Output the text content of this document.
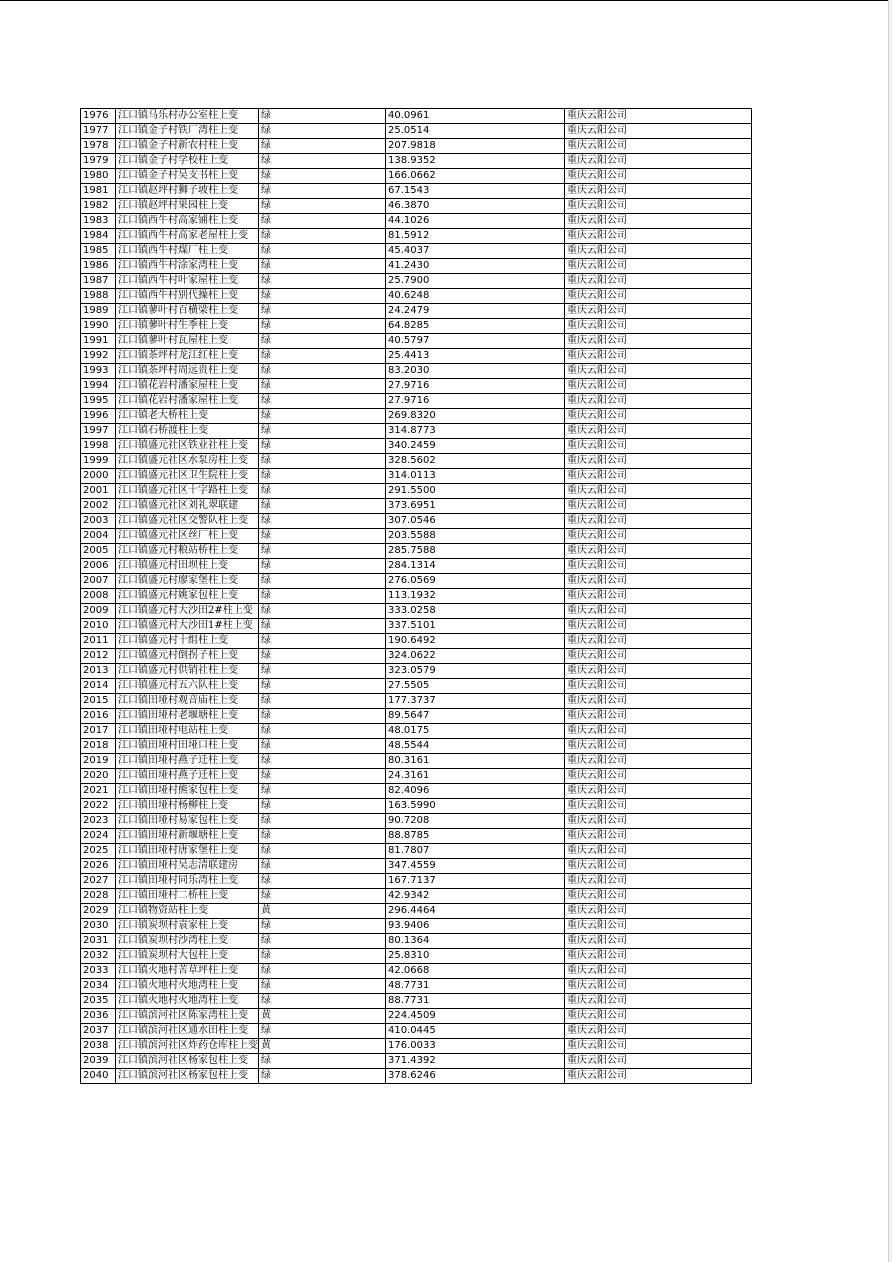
1976	江口镇马乐村办公室柱上变	绿	40.0961	重庆云阳公司
1977	江口镇金子村铁厂湾柱上变	绿	25.0514	重庆云阳公司
1978	江口镇金子村新农村柱上变	绿	207.9818	重庆云阳公司
1979	江口镇金子村学校柱上变	绿	138.9352	重庆云阳公司
1980	江口镇金子村吴支书柱上变	绿	166.0662	重庆云阳公司
1981	江口镇赵坪村狮子坡柱上变	绿	67.1543	重庆云阳公司
1982	江口镇赵坪村果园柱上变	绿	46.3870	重庆云阳公司
1983	江口镇西牛村高家铺柱上变	绿	44.1026	重庆云阳公司
1984	江口镇西牛村高家老屋柱上变	绿	81.5912	重庆云阳公司
1985	江口镇西牛村煤厂柱上变	绿	45.4037	重庆云阳公司
1986	江口镇西牛村涂家湾柱上变	绿	41.2430	重庆云阳公司
1987	江口镇西牛村叶家屋柱上变	绿	25.7900	重庆云阳公司
1988	江口镇西牛村别代操柱上变	绿	40.6248	重庆云阳公司
1989	江口镇蓼叶村百横梁柱上变	绿	24.2479	重庆云阳公司
1990	江口镇蓼叶村生季柱上变	绿	64.8285	重庆云阳公司
1991	江口镇蓼叶村瓦屋柱上变	绿	40.5797	重庆云阳公司
1992	江口镇茶坪村龙江红柱上变	绿	25.4413	重庆云阳公司
1993	江口镇茶坪村周远贵柱上变	绿	83.2030	重庆云阳公司
1994	江口镇花岩村潘家屋柱上变	绿	27.9716	重庆云阳公司
1995	江口镇花岩村潘家屋柱上变	绿	27.9716	重庆云阳公司
1996	江口镇老大桥柱上变	绿	269.8320	重庆云阳公司
1997	江口镇石桥渡柱上变	绿	314.8773	重庆云阳公司
1998	江口镇盛元社区铁业社柱上变	绿	340.2459	重庆云阳公司
1999	江口镇盛元社区水泵房柱上变	绿	328.5602	重庆云阳公司
2000	江口镇盛元社区卫生院柱上变	绿	314.0113	重庆云阳公司
2001	江口镇盛元社区十字路柱上变	绿	291.5500	重庆云阳公司
2002	江口镇盛元社区刘礼翠联建	绿	373.6951	重庆云阳公司
2003	江口镇盛元社区交警队柱上变	绿	307.0546	重庆云阳公司
2004	江口镇盛元社区丝厂柱上变	绿	203.5588	重庆云阳公司
2005	江口镇盛元村粮站桥柱上变	绿	285.7588	重庆云阳公司
2006	江口镇盛元村田坝柱上变	绿	284.1314	重庆云阳公司
2007	江口镇盛元村廖家堡柱上变	绿	276.0569	重庆云阳公司
2008	江口镇盛元村姚家包柱上变	绿	113.1932	重庆云阳公司
2009	江口镇盛元村大沙田2#柱上变	绿	333.0258	重庆云阳公司
2010	江口镇盛元村大沙田1#柱上变	绿	337.5101	重庆云阳公司
2011	江口镇盛元村十组柱上变	绿	190.6492	重庆云阳公司
2012	江口镇盛元村倒拐子柱上变	绿	324.0622	重庆云阳公司
2013	江口镇盛元村供销社柱上变	绿	323.0579	重庆云阳公司
2014	江口镇盛元村五六队柱上变	绿	27.5505	重庆云阳公司
2015	江口镇田垭村观音庙柱上变	绿	177.3737	重庆云阳公司
2016	江口镇田垭村老堰塘柱上变	绿	89.5647	重庆云阳公司
2017	江口镇田垭村电站柱上变	绿	48.0175	重庆云阳公司
2018	江口镇田垭村田垭口柱上变	绿	48.5544	重庆云阳公司
2019	江口镇田垭村燕子迁柱上变	绿	80.3161	重庆云阳公司
2020	江口镇田垭村燕子迁柱上变	绿	24.3161	重庆云阳公司
2021	江口镇田垭村熊家包柱上变	绿	82.4096	重庆云阳公司
2022	江口镇田垭村杨柳柱上变	绿	163.5990	重庆云阳公司
2023	江口镇田垭村易家包柱上变	绿	90.7208	重庆云阳公司
2024	江口镇田垭村新堰塘柱上变	绿	88.8785	重庆云阳公司
2025	江口镇田垭村唐家堡柱上变	绿	81.7807	重庆云阳公司
2026	江口镇田垭村吴志清联建房	绿	347.4559	重庆云阳公司
2027	江口镇田垭村同乐湾柱上变	绿	167.7137	重庆云阳公司
2028	江口镇田垭村二桥柱上变	绿	42.9342	重庆云阳公司
2029	江口镇物资站柱上变	黄	296.4464	重庆云阳公司
2030	江口镇炭坝村袁家柱上变	绿	93.9406	重庆云阳公司
2031	江口镇炭坝村沙湾柱上变	绿	80.1364	重庆云阳公司
2032	江口镇炭坝村大包柱上变	绿	25.8310	重庆云阳公司
2033	江口镇火地村苦草坪柱上变	绿	42.0668	重庆云阳公司
2034	江口镇火地村火地湾柱上变	绿	48.7731	重庆云阳公司
2035	江口镇火地村火地湾柱上变	绿	88.7731	重庆云阳公司
2036	江口镇滨河社区陈家湾柱上变	黄	224.4509	重庆云阳公司
2037	江口镇滨河社区通水田柱上变	绿	410.0445	重庆云阳公司
2038	江口镇滨河社区炸药仓库柱上变	黄	176.0033	重庆云阳公司
2039	江口镇滨河社区杨家包柱上变	绿	371.4392	重庆云阳公司
2040	江口镇滨河社区杨家包柱上变	绿	378.6246	重庆云阳公司
